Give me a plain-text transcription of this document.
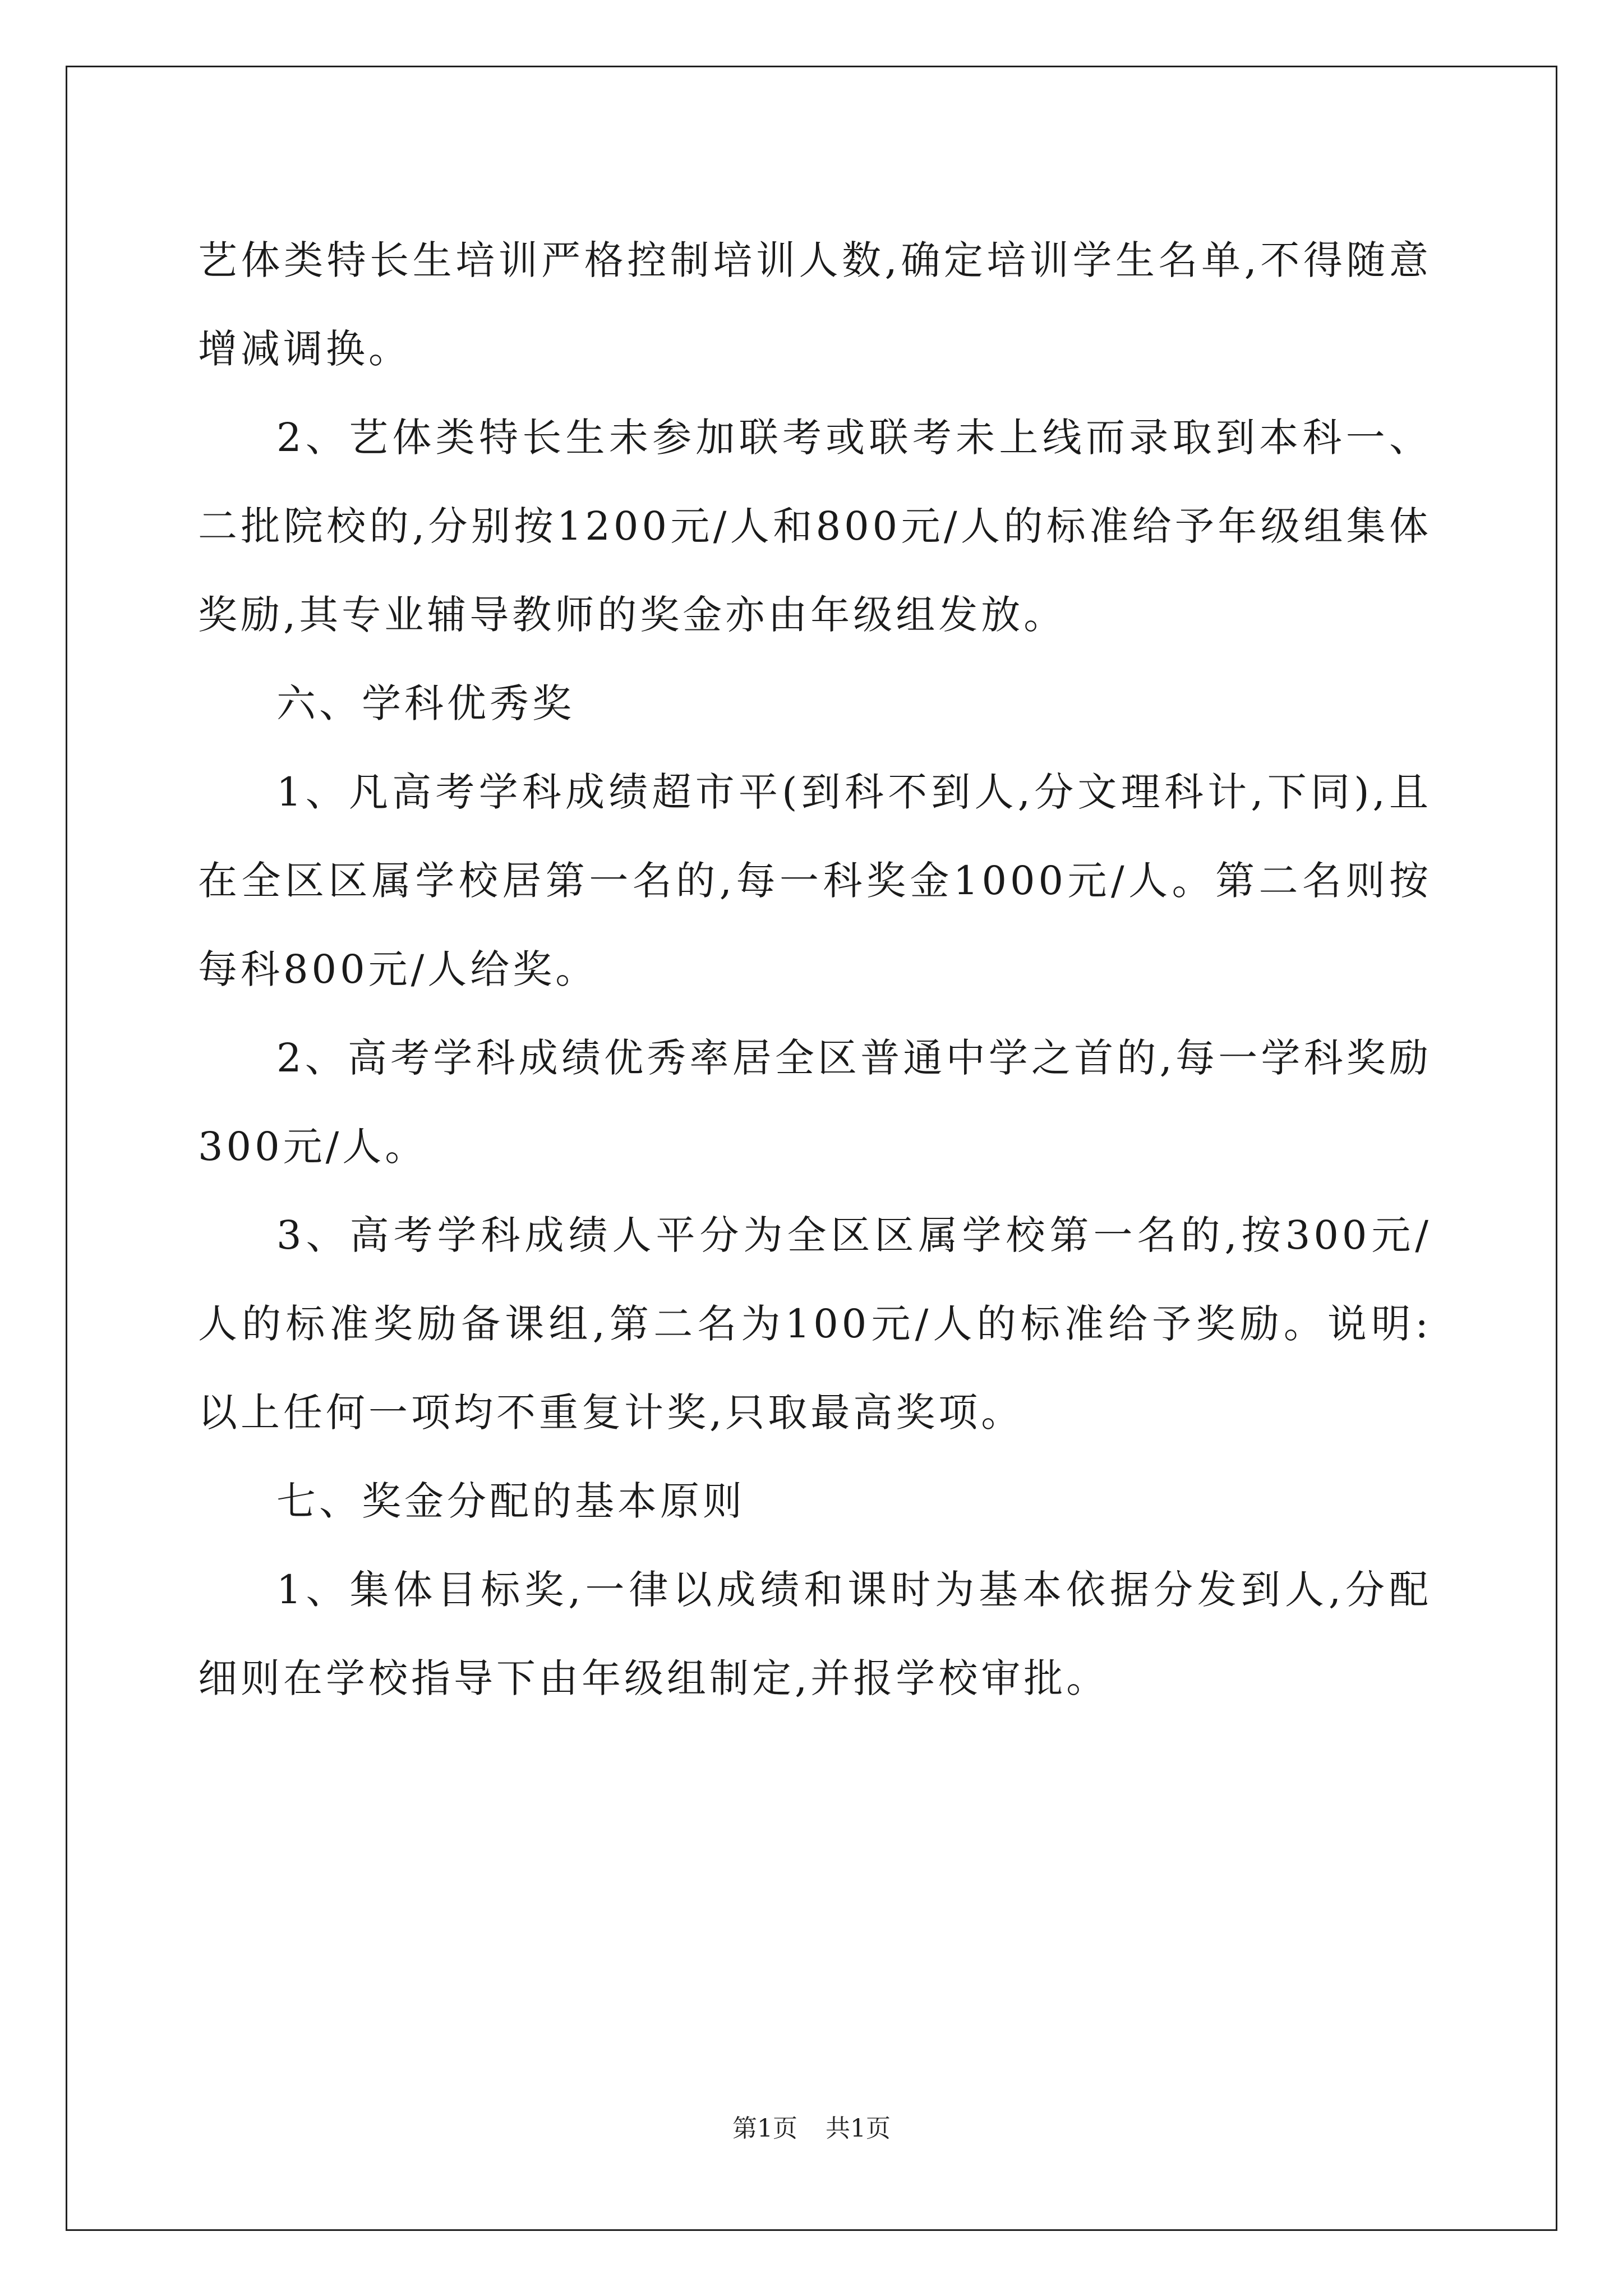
艺体类特长生培训严格控制培训人数,确定培训学生名单,不得随意增减调换。

2、艺体类特长生未参加联考或联考未上线而录取到本科一、二批院校的,分别按1200元/人和800元/人的标准给予年级组集体奖励,其专业辅导教师的奖金亦由年级组发放。

六、学科优秀奖

1、凡高考学科成绩超市平(到科不到人,分文理科计,下同),且在全区区属学校居第一名的,每一科奖金1000元/人。第二名则按每科800元/人给奖。

2、高考学科成绩优秀率居全区普通中学之首的,每一学科奖励300元/人。

3、高考学科成绩人平分为全区区属学校第一名的,按300元/人的标准奖励备课组,第二名为100元/人的标准给予奖励。说明:以上任何一项均不重复计奖,只取最高奖项。

七、奖金分配的基本原则

1、集体目标奖,一律以成绩和课时为基本依据分发到人,分配细则在学校指导下由年级组制定,并报学校审批。

第1页 共1页
